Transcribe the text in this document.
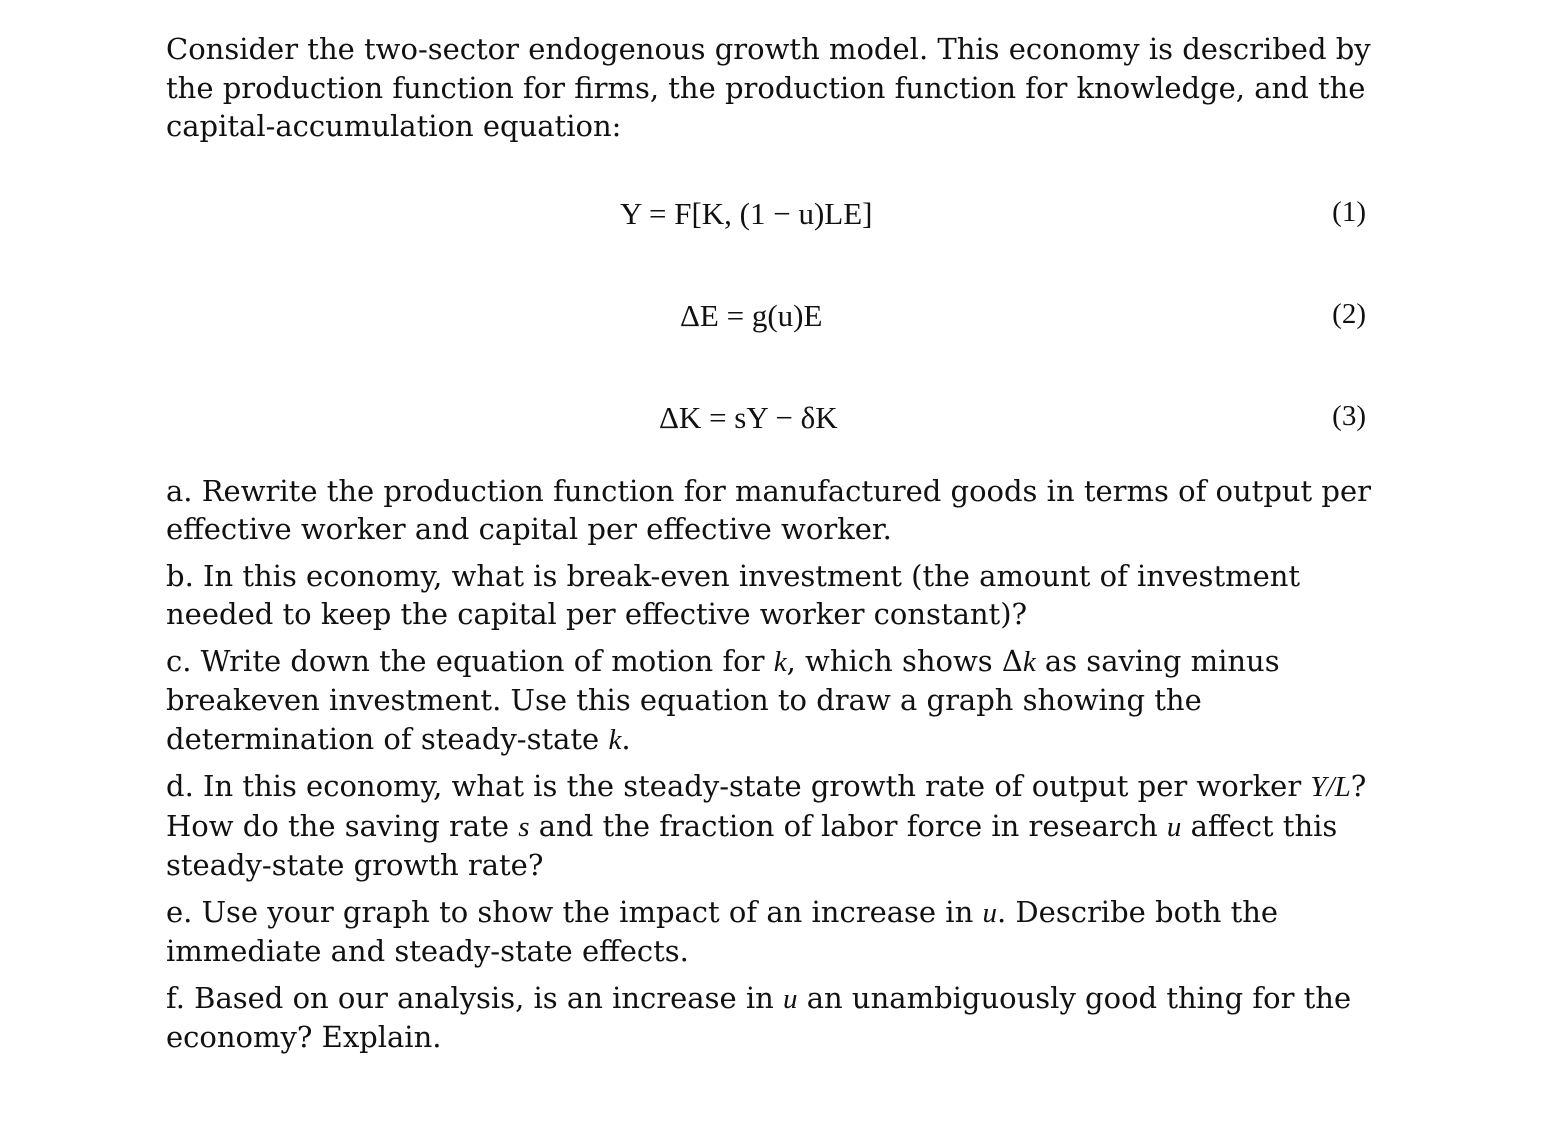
Consider the two-sector endogenous growth model. This economy is described by the production function for firms, the production function for knowledge, and the capital-accumulation equation:

Y = F[K, (1 − u)LE]	(1)
ΔE = g(u)E	(2)
ΔK = sY − δK	(3)

a. Rewrite the production function for manufactured goods in terms of output per effective worker and capital per effective worker.

b. In this economy, what is break-even investment (the amount of investment needed to keep the capital per effective worker constant)?

c. Write down the equation of motion for k, which shows Δk as saving minus breakeven investment. Use this equation to draw a graph showing the determination of steady-state k.

d. In this economy, what is the steady-state growth rate of output per worker Y/L? How do the saving rate s and the fraction of labor force in research u affect this steady-state growth rate?

e. Use your graph to show the impact of an increase in u. Describe both the immediate and steady-state effects.

f. Based on our analysis, is an increase in u an unambiguously good thing for the economy? Explain.
